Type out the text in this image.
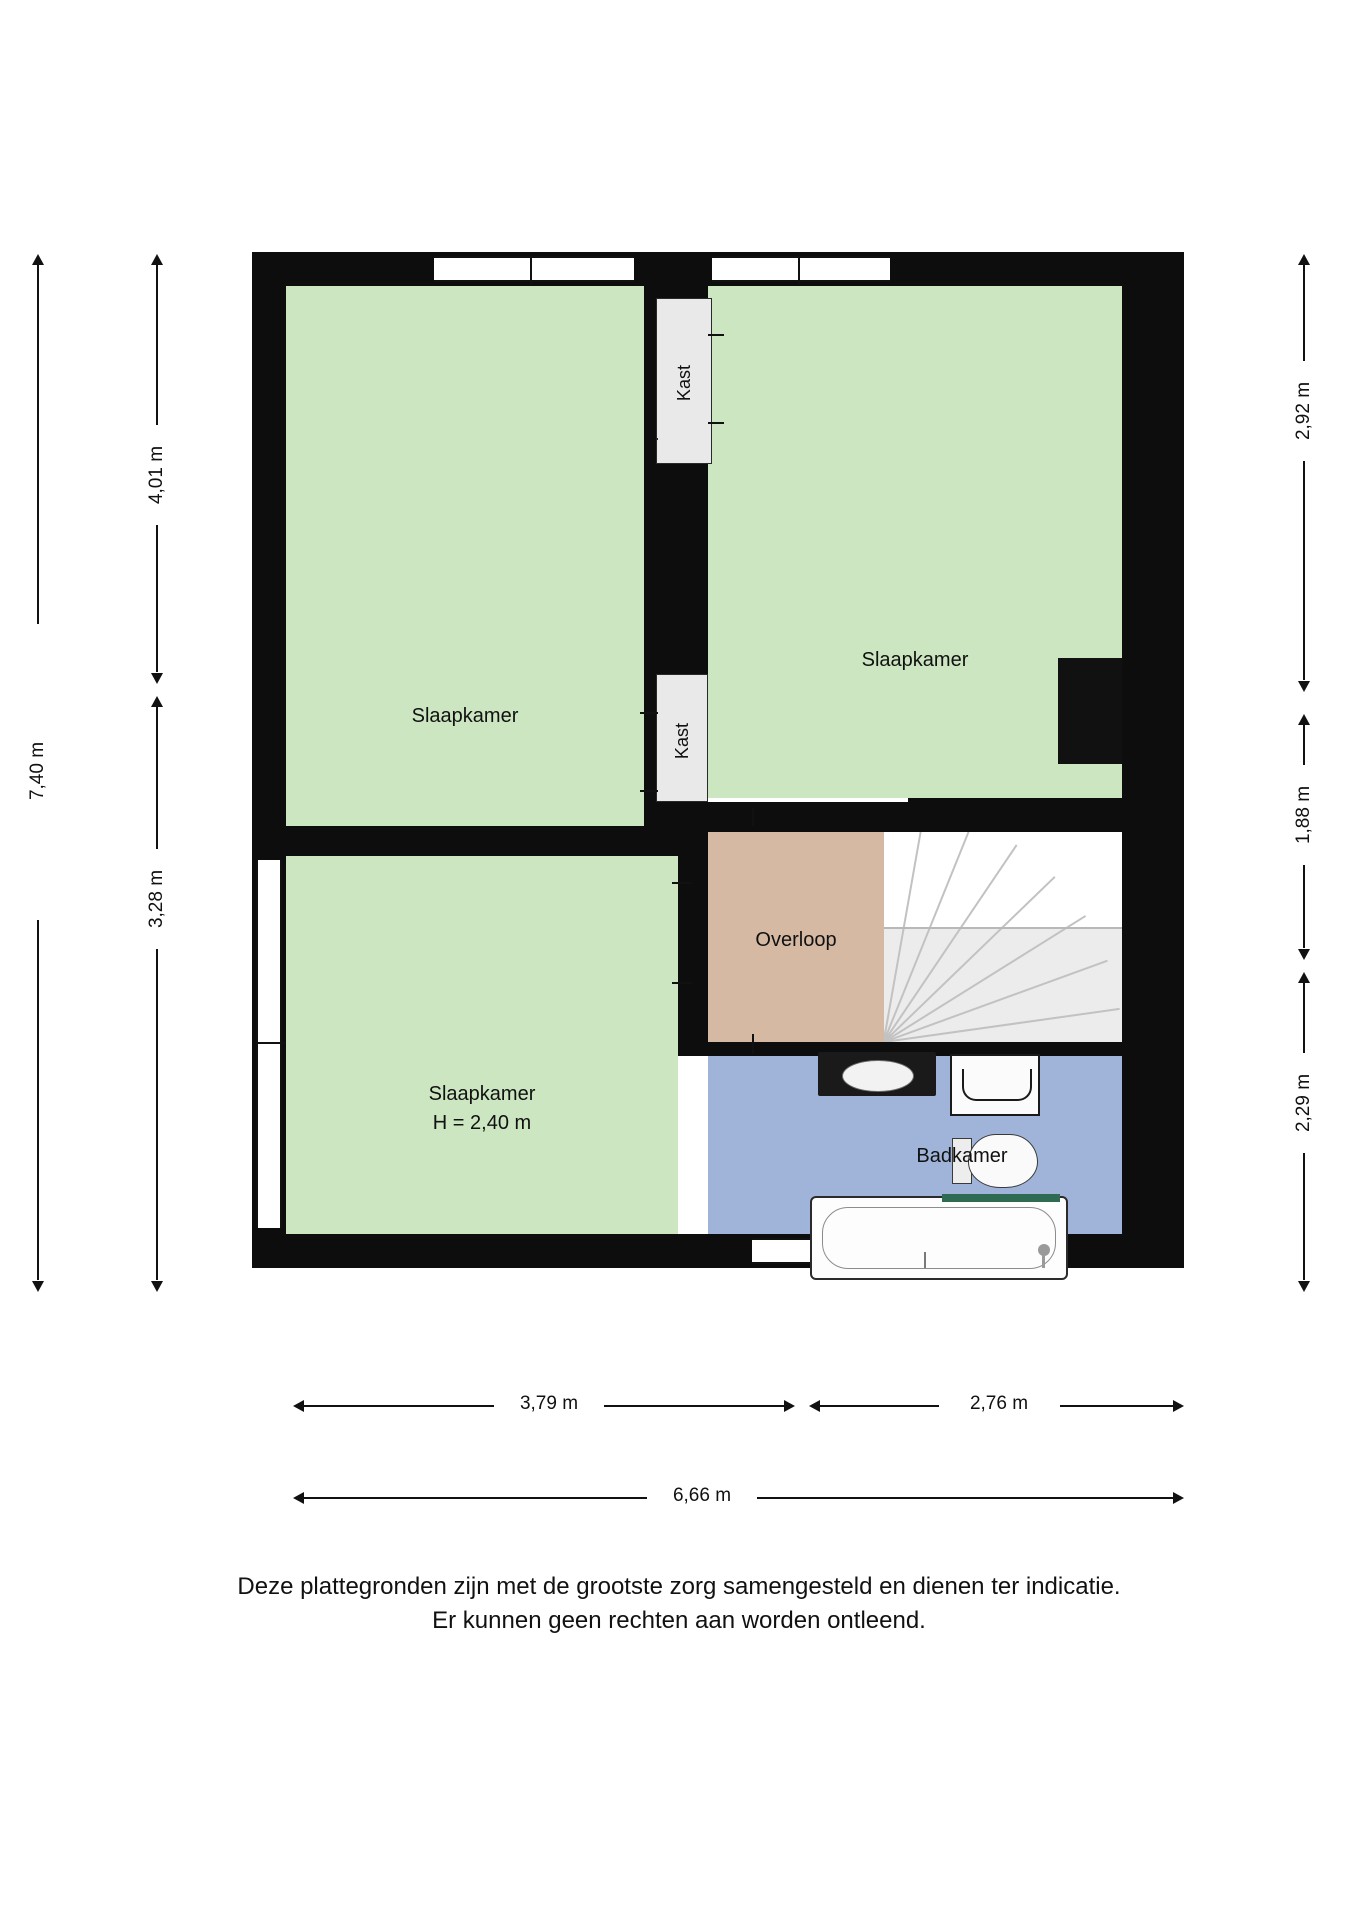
Slaapkamer
Slaapkamer
Slaapkamer
H = 2,40 m
Overloop
Badkamer
Kast
Kast
7,40 m
4,01 m
3,28 m
2,92 m
1,88 m
2,29 m
3,79 m	2,76 m
6,66 m
Deze plattegronden zijn met de grootste zorg samengesteld en dienen ter indicatie.
Er kunnen geen rechten aan worden ontleend.
